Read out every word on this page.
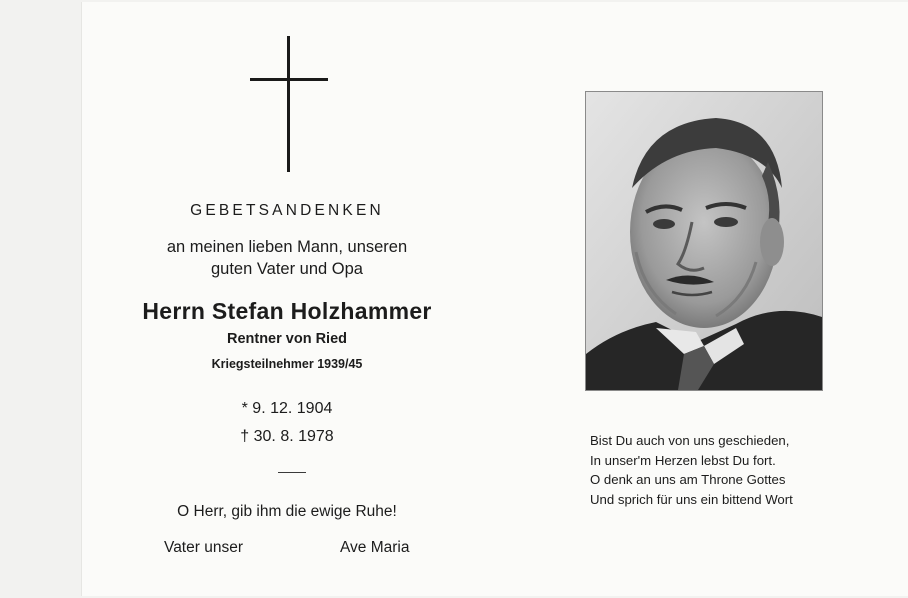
GEBETSANDENKEN
an meinen lieben Mann, unseren
guten Vater und Opa
Herrn Stefan Holzhammer
Rentner von Ried
Kriegsteilnehmer 1939/45
* 9. 12. 1904
† 30. 8. 1978
O Herr, gib ihm die ewige Ruhe!
Vater unser	Ave Maria
Bist Du auch von uns geschieden,
In unser'm Herzen lebst Du fort.
O denk an uns am Throne Gottes
Und sprich für uns ein bittend Wort
